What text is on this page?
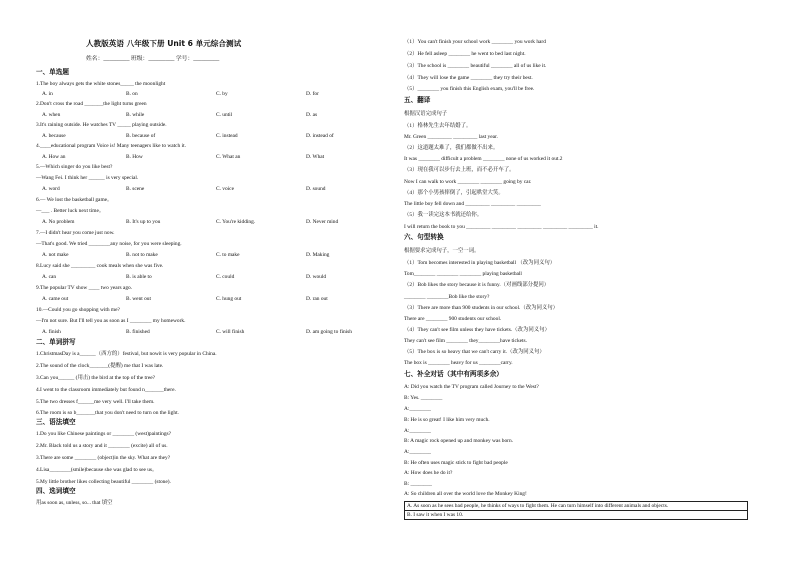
人教版英语 八年级下册 Unit 6 单元综合测试
姓名：_________ 班级：_________ 学号：_________
一、单选题
1.The boy always gets the white stones_____ the moonlight
A. in	B. on	C. by	D. for
2.Don't cross the road _______the light turns green
A. when	B. while	C. until	D. as
3.It's raining outside. He watches TV _____ playing outside.
A. because	B. because of	C. instead	D. instead of
4.____educational program Voice is! Many teenagers like to watch it.
A. How an	B. How	C. What an	D. What
5.—Which singer do you like best?
—Wang Fei. I think her ______ is very special.
A. word	B. scene	C. voice	D. sound
6.— We lost the basketball game。
—___ . Better luck next time。
A. No problem	B. It's up to you	C. You're kidding.	D. Never mind
7.—I didn't hear you come just now.
—That's good. We tried ________any noise, for you were sleeping.
A. not make	B. not to make	C. to make	D. Making
8.Lucy said she _________ cook meals when she was five.
A. can	B. is able to	C. could	D. would
9.The popular TV show ____ two years ago.
A. came out	B. went out	C. hung out	D. ran out
10.—Could you go shopping with me?
—I'm not sure. But I'll tell you as soon as I ________ my homework.
A. finish	B. finished	C. will finish	D. am going to finish
二、单词拼写
1.ChristmasDay is a______（西方的）festival, but nowit is very popular in China.
2.The sound of the clock_______(提醒) me that I was late.
3.Can you______ (用击) the bird at the top of the tree?
4.I went to the classroom immediately but found n_______there.
5.The two dresses f______me very well. I'll take them.
6.The room is so b_______that you don't need to turn on the light.
三、语法填空
1.Do you like Chinese paintings or ________ (west)paintings?
2.Mr. Black told us a story and it ________ (excite) all of us.
3.There are some ________ (object)in the sky. What are they?
4.Lisa________(smile)because she was glad to see us。
5.My little brother likes collecting beautiful ________ (stone).
四、选词填空
用as soon as, unless, so... that 填空
（1）You can't finish your school work ________ you work hard
（2）He fell asleep ________ he went to bed last night.
（3）The school is ________ beautiful ________ all of us like it.
（4）They will lose the game ________ they try their best.
（5）________ you finish this English exam, you'll be free.
五、翻译
根据汉语完成句子
（1）格林先生去年结婚了。
Mr. Green _________ _________ last year.
（2）这道题太难了，我们都做不出来。
It was ________ difficult a problem ________ none of us worked it out.2
（3）现在我可以步行去上班，而不必开车了。
Now I can walk to work ________ ________ going by car.
（4）那个小男孩摔倒了，引起哄堂大笑。
The little boy fell down and _________ _________ _________
（5）我一读完这本书就还给你。
I will return the book to you _________ _________ _________ _________ _________ it.
六、句型转换
根据要求完成句子，一空一词。
（1）Tom becomes interested in playing basketball （改为同义句）
Tom________ ________ ________ playing basketball
（2）Bob likes the story because it is funny.（对画线部分提问）
________ ________Bob like the story?
（3）There are more than 900 students in our school.（改为同义句）
There are ________ 900 students our school.
（4）They can't see film unless they have tickets.（改为同义句）
They can't see film ________ they________have tickets.
（5）The box is so heavy that we can't carry it.（改为同义句）
The box is ________ heavy for us ________carry.
七、补全对话（其中有两项多余）
A: Did you watch the TV program called Journey to the West?
B: Yes. ________
A:________
B: He is so great! I like him very much.
A:________
B: A magic rock opened up and monkey was born.
A:________
B: He often uses magic stick to fight bad people
A: How does he do it?
B: ________
A: So children all over the world love the Monkey King!
A. As soon as he sees bad people, he thinks of ways to fight them. He can turn himself into different animals and objects.
B. I saw it when I was 10.
